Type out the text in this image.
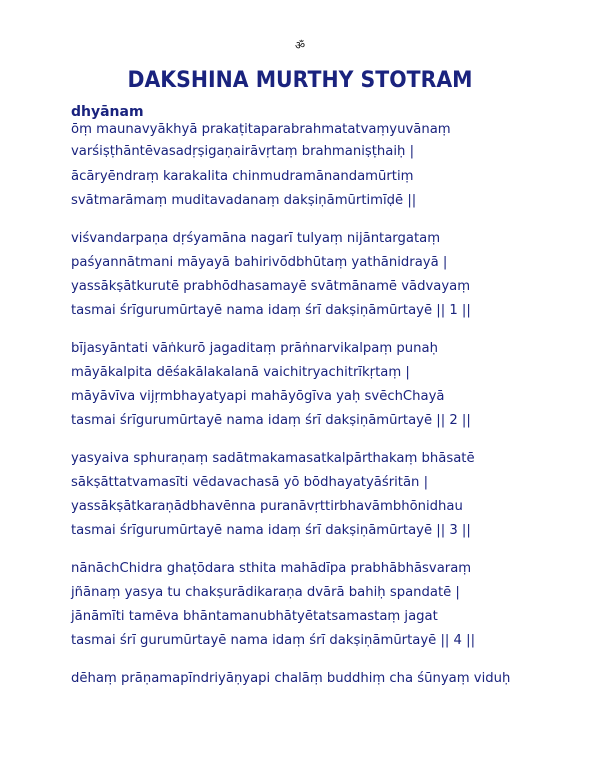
ॐ
DAKSHINA MURTHY STOTRAM
dhyānam
ōṃ maunavyākhyā prakaṭitaparabrahmatatvaṃyuvānaṃ
varśiṣṭhāntēvasadṛṣigaṇairāvṛtaṃ brahmaniṣṭhaiḥ |
ācāryēndraṃ karakalita chinmudramānandamūrtiṃ
svātmarāmaṃ muditavadanaṃ dakṣiṇāmūrtimīḍē ||
viśvandarpaṇa dṛśyamāna nagarī tulyaṃ nijāntargataṃ
paśyannātmani māyayā bahirivōdbhūtaṃ yathānidrayā |
yassākṣātkurutē prabhōdhasamayē svātmānamē vādvayaṃ
tasmai śrīgurumūrtayē nama idaṃ śrī dakṣiṇāmūrtayē || 1 ||
bījasyāntati vāṅkurō jagaditaṃ prāṅnarvikalpaṃ punaḥ
māyākalpita dēśakālakalanā vaichitryachitrīkṛtaṃ |
māyāvīva vijṛmbhayatyapi mahāyōgīva yaḥ svēchChayā
tasmai śrīgurumūrtayē nama idaṃ śrī dakṣiṇāmūrtayē || 2 ||
yasyaiva sphuraṇaṃ sadātmakamasatkalpārthakaṃ bhāsatē
sākṣāttatvamasīti vēdavachasā yō bōdhayatyāśritān |
yassākṣātkaraṇādbhavēnna puranāvṛttirbhavāmbhōnidhau
tasmai śrīgurumūrtayē nama idaṃ śrī dakṣiṇāmūrtayē || 3 ||
nānāchChidra ghaṭōdara sthita mahādīpa prabhābhāsvaraṃ
jñānaṃ yasya tu chakṣurādikaraṇa dvārā bahiḥ spandatē |
jānāmīti tamēva bhāntamanubhātyētatsamastaṃ jagat
tasmai śrī gurumūrtayē nama idaṃ śrī dakṣiṇāmūrtayē || 4 ||
dēhaṃ prāṇamapīndriyāṇyapi chalāṃ buddhiṃ cha śūnyaṃ viduḥ
